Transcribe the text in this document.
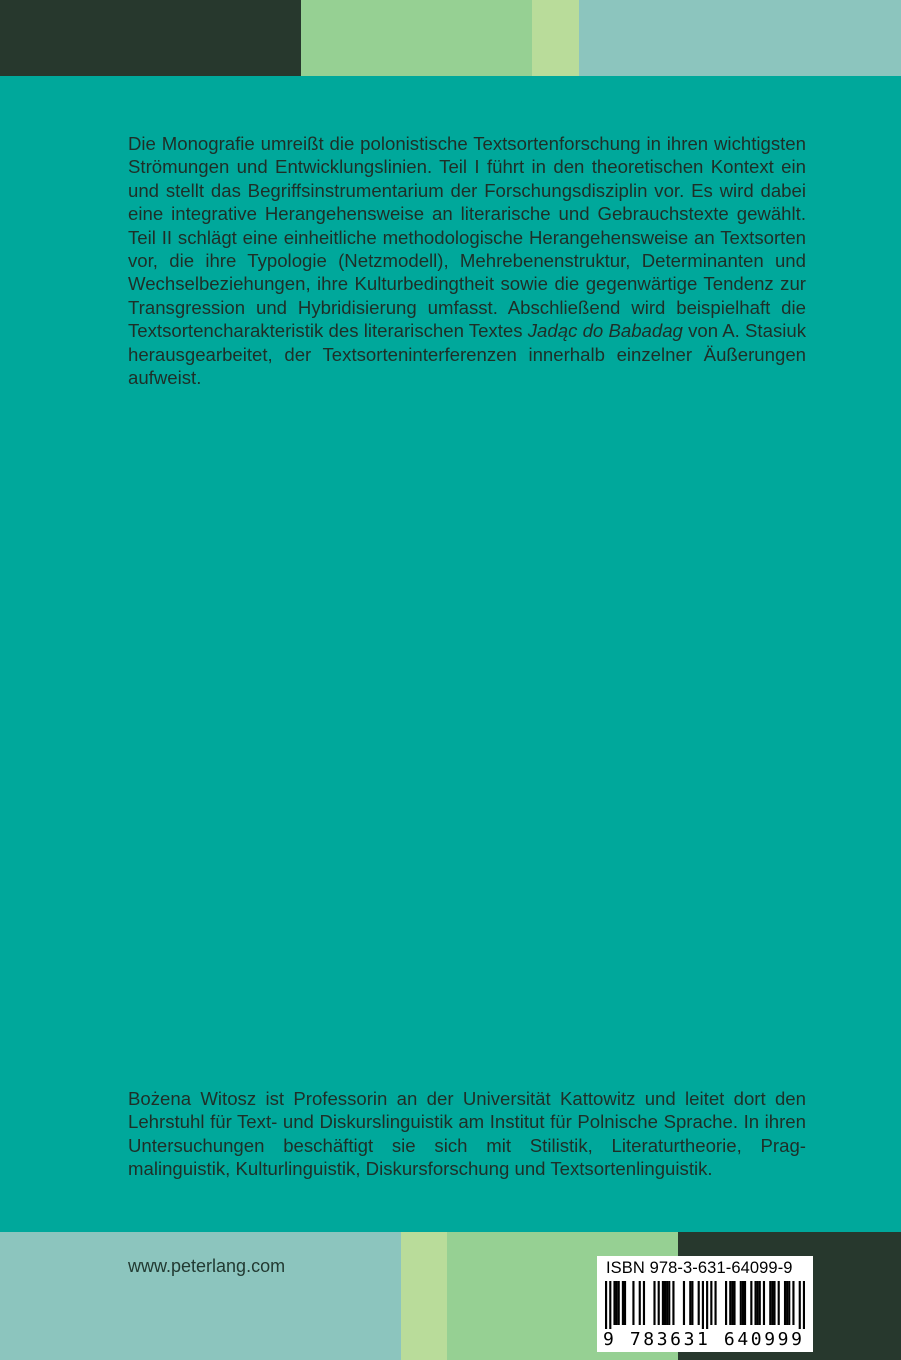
Die Monografie umreißt die polonistische Textsortenforschung in ihren wichtigsten Strömungen und Entwicklungslinien. Teil I führt in den theoretischen Kontext ein und stellt das Begriffsinstrumentarium der Forschungsdisziplin vor. Es wird dabei eine integrative Herangehensweise an literarische und Gebrauchstexte gewählt. Teil II schlägt eine einheitliche methodologische Herangehensweise an Textsorten vor, die ihre Typologie (Netzmodell), Mehrebenenstruktur, Determinanten und Wechselbeziehungen, ihre Kulturbedingtheit sowie die gegenwärtige Tendenz zur Transgression und Hybridisierung umfasst. Abschließend wird beispielhaft die Textsortencharakteristik des literarischen Textes Jadąc do Babadag von A. Stasiuk herausgearbeitet, der Textsorteninterferenzen innerhalb einzelner Äußerungen aufweist.

Bożena Witosz ist Professorin an der Universität Kattowitz und leitet dort den Lehrstuhl für Text- und Diskurslinguistik am Institut für Polnische Sprache. In ihren Untersuchungen beschäftigt sie sich mit Stilistik, Literaturtheorie, Pragmalinguistik, Kulturlinguistik, Diskursforschung und Textsortenlinguistik.

www.peterlang.com	ISBN 978-3-631-64099-9
9 783631 640999
